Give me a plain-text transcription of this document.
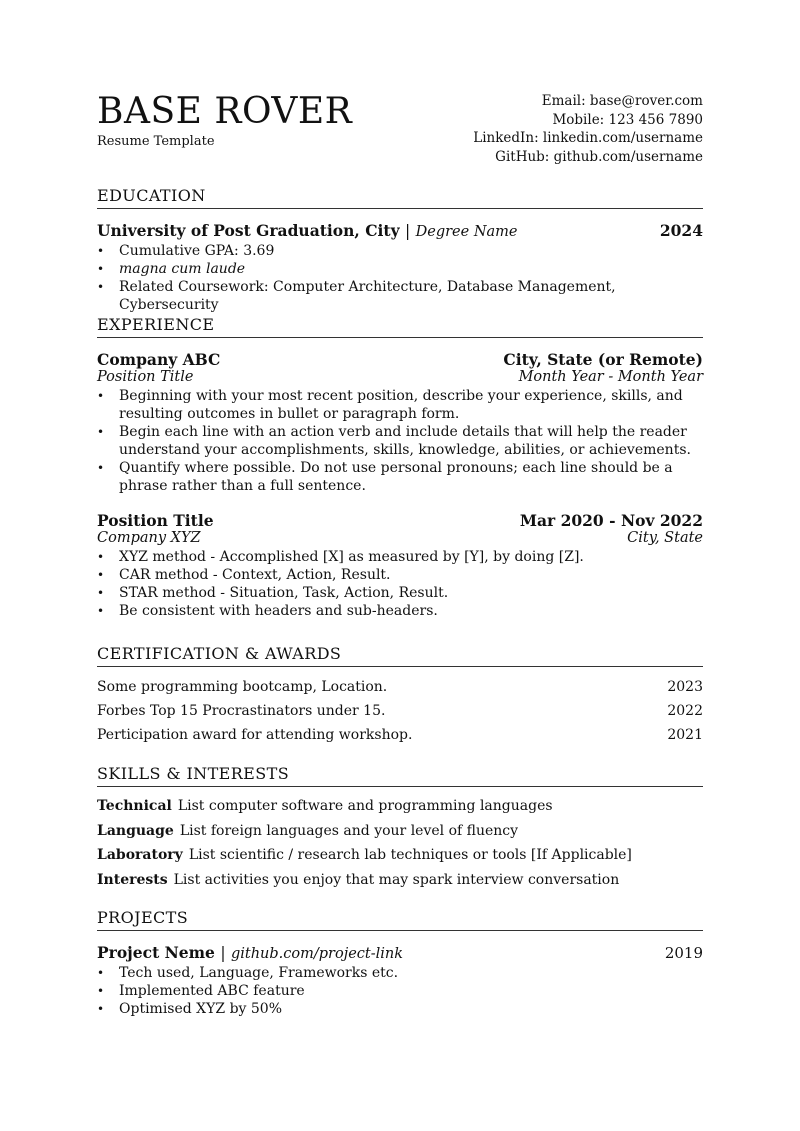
BASE ROVER
Resume Template
Email: base@rover.com
Mobile: 123 456 7890
LinkedIn: linkedin.com/username
GitHub: github.com/username
EDUCATION
University of Post Graduation, City | Degree Name	2024
• Cumulative GPA: 3.69
• magna cum laude
• Related Coursework: Computer Architecture, Database Management, Cybersecurity
EXPERIENCE
Company ABC	City, State (or Remote)
Position Title	Month Year - Month Year
• Beginning with your most recent position, describe your experience, skills, and resulting outcomes in bullet or paragraph form.
• Begin each line with an action verb and include details that will help the reader understand your accomplishments, skills, knowledge, abilities, or achievements.
• Quantify where possible. Do not use personal pronouns; each line should be a phrase rather than a full sentence.
Position Title	Mar 2020 - Nov 2022
Company XYZ	City, State
• XYZ method - Accomplished [X] as measured by [Y], by doing [Z].
• CAR method - Context, Action, Result.
• STAR method - Situation, Task, Action, Result.
• Be consistent with headers and sub-headers.
CERTIFICATION & AWARDS
Some programming bootcamp, Location.	2023
Forbes Top 15 Procrastinators under 15.	2022
Perticipation award for attending workshop.	2021
SKILLS & INTERESTS
Technical List computer software and programming languages
Language List foreign languages and your level of fluency
Laboratory List scientific / research lab techniques or tools [If Applicable]
Interests List activities you enjoy that may spark interview conversation
PROJECTS
Project Neme | github.com/project-link	2019
• Tech used, Language, Frameworks etc.
• Implemented ABC feature
• Optimised XYZ by 50%
